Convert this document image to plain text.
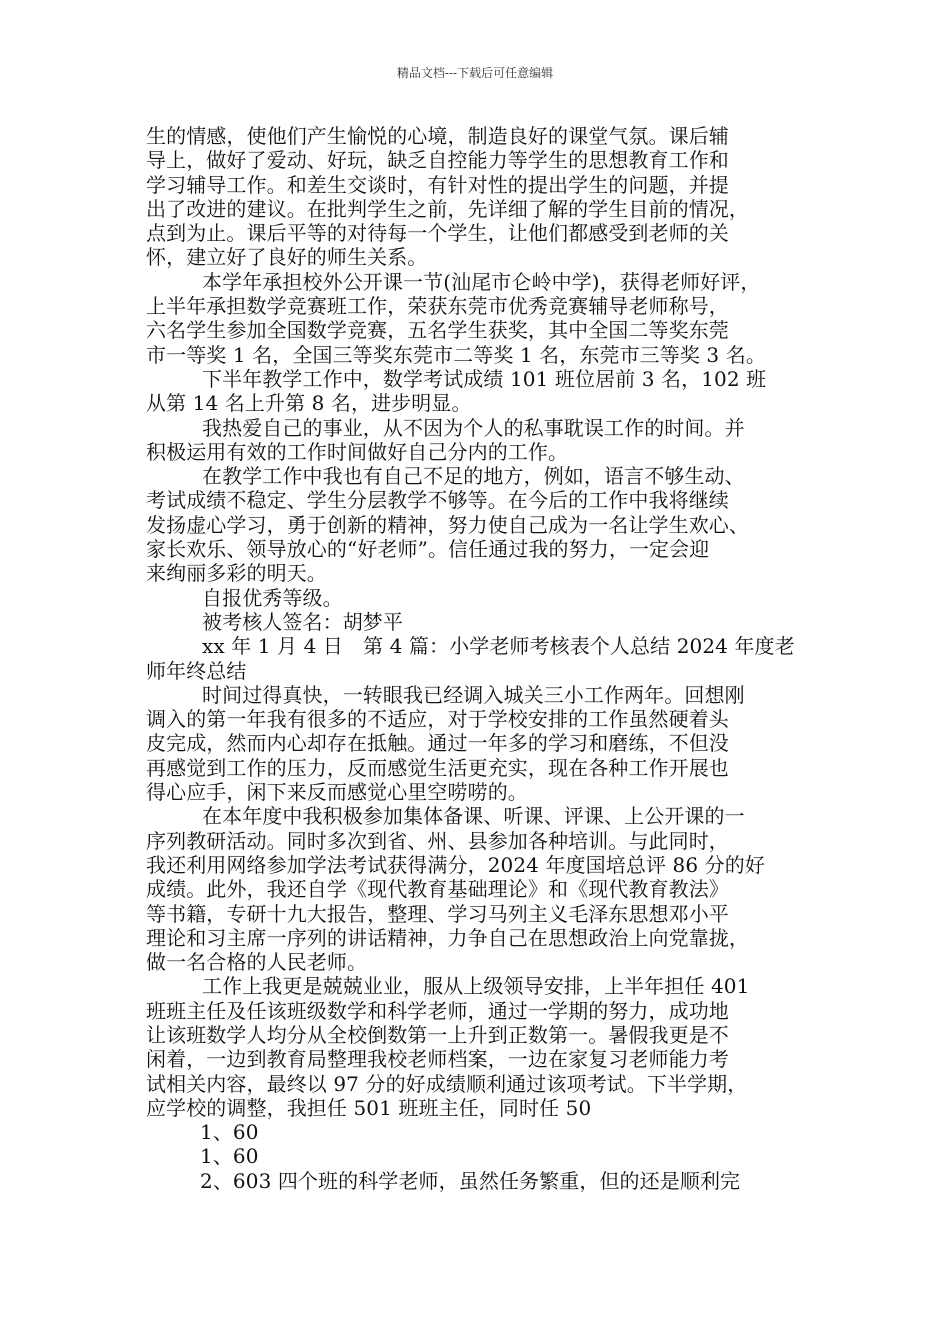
精品文档---下载后可任意编辑
生的情感，使他们产生愉悦的心境，制造良好的课堂气氛。课后辅
导上，做好了爱动、好玩，缺乏自控能力等学生的思想教育工作和
学习辅导工作。和差生交谈时，有针对性的提出学生的问题，并提
出了改进的建议。在批判学生之前，先详细了解的学生目前的情况，
点到为止。课后平等的对待每一个学生，让他们都感受到老师的关
怀，建立好了良好的师生关系。
本学年承担校外公开课一节(汕尾市仑岭中学)，获得老师好评，
上半年承担数学竞赛班工作，荣获东莞市优秀竞赛辅导老师称号，
六名学生参加全国数学竞赛，五名学生获奖，其中全国二等奖东莞
市一等奖 1 名，全国三等奖东莞市二等奖 1 名，东莞市三等奖 3 名。
下半年教学工作中，数学考试成绩 101 班位居前 3 名，102 班
从第 14 名上升第 8 名，进步明显。
我热爱自己的事业，从不因为个人的私事耽误工作的时间。并
积极运用有效的工作时间做好自己分内的工作。
在教学工作中我也有自己不足的地方，例如，语言不够生动、
考试成绩不稳定、学生分层教学不够等。在今后的工作中我将继续
发扬虚心学习，勇于创新的精神，努力使自己成为一名让学生欢心、
家长欢乐、领导放心的“好老师”。信任通过我的努力，一定会迎
来绚丽多彩的明天。
自报优秀等级。
被考核人签名：胡梦平
xx 年 1 月 4 日　第 4 篇：小学老师考核表个人总结 2024 年度老
师年终总结
时间过得真快，一转眼我已经调入城关三小工作两年。回想刚
调入的第一年我有很多的不适应，对于学校安排的工作虽然硬着头
皮完成，然而内心却存在抵触。通过一年多的学习和磨练，不但没
再感觉到工作的压力，反而感觉生活更充实，现在各种工作开展也
得心应手，闲下来反而感觉心里空唠唠的。
在本年度中我积极参加集体备课、听课、评课、上公开课的一
序列教研活动。同时多次到省、州、县参加各种培训。与此同时，
我还利用网络参加学法考试获得满分，2024 年度国培总评 86 分的好
成绩。此外，我还自学《现代教育基础理论》和《现代教育教法》
等书籍，专研十九大报告，整理、学习马列主义毛泽东思想邓小平
理论和习主席一序列的讲话精神，力争自己在思想政治上向党靠拢，
做一名合格的人民老师。
工作上我更是兢兢业业，服从上级领导安排，上半年担任 401
班班主任及任该班级数学和科学老师，通过一学期的努力，成功地
让该班数学人均分从全校倒数第一上升到正数第一。暑假我更是不
闲着，一边到教育局整理我校老师档案，一边在家复习老师能力考
试相关内容，最终以 97 分的好成绩顺利通过该项考试。下半学期，
应学校的调整，我担任 501 班班主任，同时任 50
1、60
1、60
2、603 四个班的科学老师，虽然任务繁重，但的还是顺利完
